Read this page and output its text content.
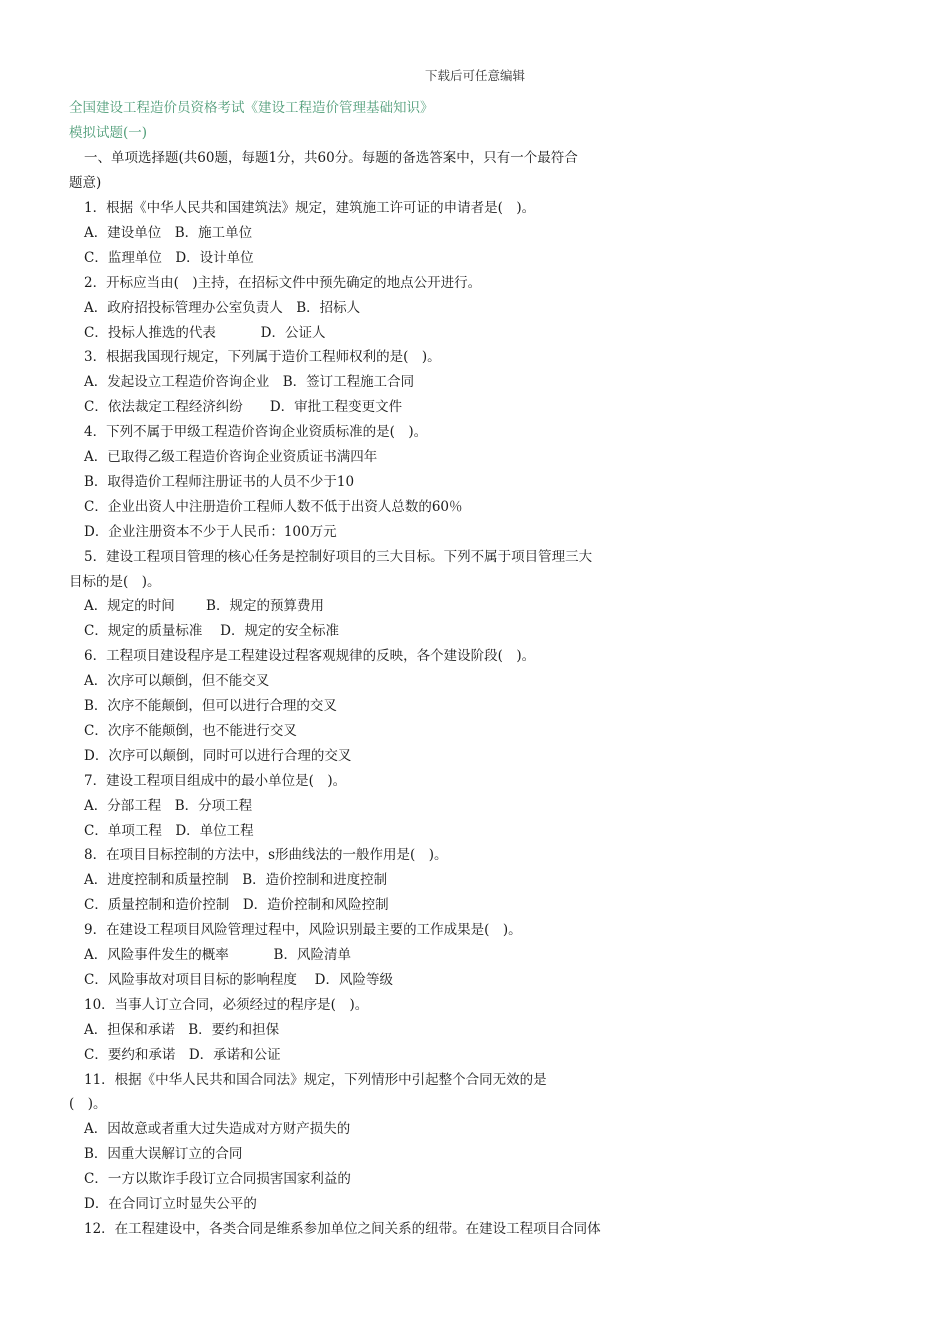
下载后可任意编辑
全国建设工程造价员资格考试《建设工程造价管理基础知识》
模拟试题(一)
一、单项选择题(共60题，每题1分，共60分。每题的备选答案中，只有一个最符合
题意)
1．根据《中华人民共和国建筑法》规定，建筑施工许可证的申请者是(　)。
A．建设单位　B．施工单位
C．监理单位　D．设计单位
2．开标应当由(　)主持，在招标文件中预先确定的地点公开进行。
A．政府招投标管理办公室负责人　B．招标人
C．投标人推选的代表　　　 D．公证人
3．根据我国现行规定，下列属于造价工程师权利的是(　)。
A．发起设立工程造价咨询企业　B．签订工程施工合同
C．依法裁定工程经济纠纷　　D．审批工程变更文件
4．下列不属于甲级工程造价咨询企业资质标准的是(　)。
A．已取得乙级工程造价咨询企业资质证书满四年
B．取得造价工程师注册证书的人员不少于10
C．企业出资人中注册造价工程师人数不低于出资人总数的60％
D．企业注册资本不少于人民币：100万元
5．建设工程项目管理的核心任务是控制好项目的三大目标。下列不属于项目管理三大
目标的是(　)。
A．规定的时间　　 B．规定的预算费用
C．规定的质量标准　 D．规定的安全标准
6．工程项目建设程序是工程建设过程客观规律的反映，各个建设阶段(　)。
A．次序可以颠倒，但不能交叉
B．次序不能颠倒，但可以进行合理的交叉
C．次序不能颠倒，也不能进行交叉
D．次序可以颠倒，同时可以进行合理的交叉
7．建设工程项目组成中的最小单位是(　)。
A．分部工程　B．分项工程
C．单项工程　D．单位工程
8．在项目目标控制的方法中，s形曲线法的一般作用是(　)。
A．进度控制和质量控制　B．造价控制和进度控制
C．质量控制和造价控制　D．造价控制和风险控制
9．在建设工程项目风险管理过程中，风险识别最主要的工作成果是(　)。
A．风险事件发生的概率　　　 B．风险清单
C．风险事故对项目目标的影响程度　 D．风险等级
10．当事人订立合同，必须经过的程序是(　)。
A．担保和承诺　B．要约和担保
C．要约和承诺　D．承诺和公证
11．根据《中华人民共和国合同法》规定，下列情形中引起整个合同无效的是
(　)。
A．因故意或者重大过失造成对方财产损失的
B．因重大误解订立的合同
C．一方以欺诈手段订立合同损害国家利益的
D．在合同订立时显失公平的
12．在工程建设中，各类合同是维系参加单位之间关系的纽带。在建设工程项目合同体
